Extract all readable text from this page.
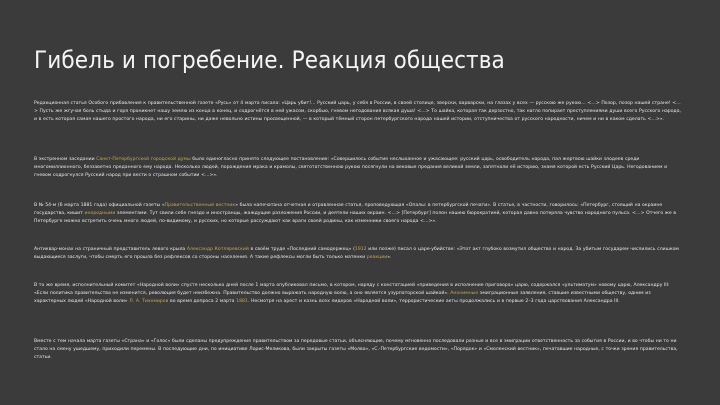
Гибель и погребение. Реакция общества
Редакционная статья Особого прибавления к правительственной газете «Русь» от 4 марта писала: «Царь убит!... Русский царь, у себя в России, в своей столице, зверски, варварски, на глазах у всех — русскою же рукою… <…> Позор, позор нашей стране! <…> Пусть же жгучая боль стыда и горя проникнет нашу землю из конца в конец, и содрогнётся в ней ужасом, скорбью, гневом негодования всякая душа! <…> То шайка, которая так дерзостно, так нагло попирает преступлениями души всего Русского народа, и в есть которая самая нашего простого народа, ни его старины, ни даже невольно истины просвещенной, — в который тёмный сторон петербургского народа нашей истории, отступничества от русского народности, ничем и ни в каком сделать <…>».
В экстренном заседании Санкт-Петербургской городской думы было единогласно принято следующее постановление: «Совершилось событие неслыханное и ужасающее: русский царь, освободитель народа, пал жертвою шайки злодеев среди многомиллионного, беззаветно преданного ему народа. Несколько людей, порождения мрака и крамолы, святотатственною рукою посягнули на вековые предания великой земли, запятнали её историю, знамя которой есть Русский Царь. Негодованием и гневом содрогнулся Русский народ при вести о страшном событии <…>».
В № 54-м (6 марта 1881 года) официальной газеты «Правительственный вестник» была напечатана отчетная и отравленная статья, проповедующая «Опалы: в петербургской печати». В статье, в частности, говорилось: «Петербург, стоящий на окраине государства, кишит инородными элементами. Тут свили себе гнездо и иностранцы, жаждущие разложения России, и деятели наших окраин. <…> [Петербург] полон нашею бюрократией, которая давно потеряла чувство народного пульса. <…> Отчего же в Петербурге можно встретить очень много людей, по-видимому, и русских, но которые рассуждают как враги своей родины, как изменники своего народа <…>».
Антиквар-монах на страничный представитель левого крыла Александр Котляревский в своём труде «Последний самодержец» (1912 или позже) писал о царе-убийстве: «Этот акт глубоко возмутил общество и народ. За убитым государем числились слишком выдающиеся заслуги, чтобы смерть его прошла без рефлексов со стороны населения. А такие рефлексы могли быть только матенки реакции».
В то же время, исполнительный комитет «Народной воли» спустя несколько дней после 1 марта опубликовал письмо, в котором, наряду с констатацией «приведения в исполнение приговора» царю, содержался «ультиматум» новому царю, Александру III: «Если политика правительства не изменится, революция будет неизбежна. Правительство должно выражать народную волю, а оно является узурпаторской шайкой». Анонимные эмиграционные заявления, ставшие известными обществу, одним из характерных людей «Народной воли» Л. А. Тихомиров во время допроса 2 марта 1881. Несмотря на арест и казнь всех лидеров «Народной воли», террористические акты продолжались и в первые 2–3 года царствования Александра III.
Вместе с тем начала марта газеты «Страна» и «Голос» были сделаны предупреждения правительством за передовые статьи, объясняющие, почему мгновенно последовали разные и все в эмиграции ответственность за события в России, и во чтобы ни то ни стало на смену ушедшему, приходили перемены. В последующие дни, по инициативе Лорис-Меликова, были закрыты газеты «Молва», «С.-Петербургские ведомости», «Порядок» и «Смоленский вестник», печатавшие народные, с точки зрения правительства, статьи.
